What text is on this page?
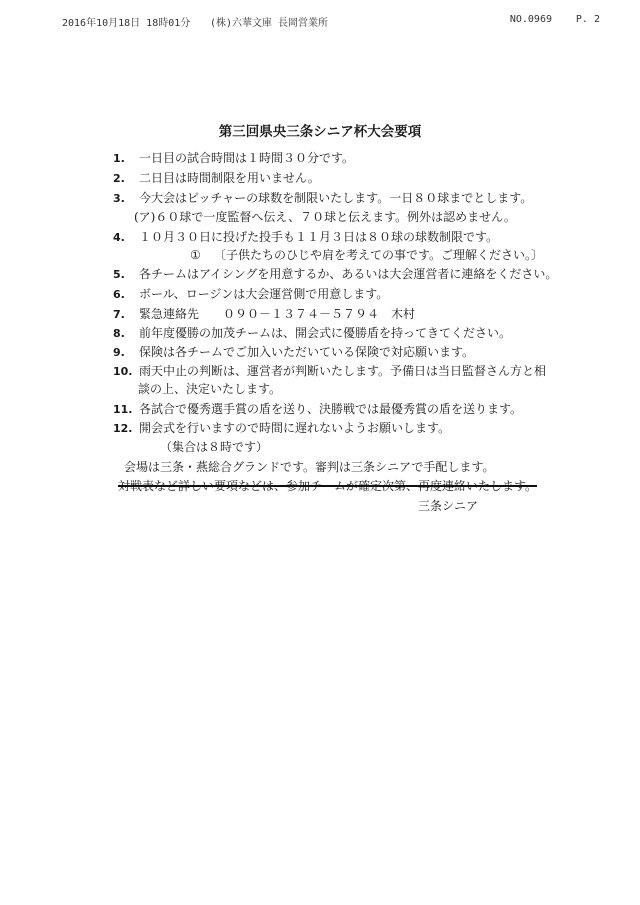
2016年10月18日 18時01分 (株)六華文庫 長岡営業所	NO.0969 P. 2
第三回県央三条シニア杯大会要項
1. 一日目の試合時間は１時間３０分です。
2. 二日目は時間制限を用いません。
3. 今大会はピッチャーの球数を制限いたします。一日８０球までとします。
(ア)６０球で一度監督へ伝え、７０球と伝えます。例外は認めません。
4. １０月３０日に投げた投手も１１月３日は８０球の球数制限です。
① 〔子供たちのひじや肩を考えての事です。ご理解ください。〕
5. 各チームはアイシングを用意するか、あるいは大会運営者に連絡をください。
6. ボール、ロージンは大会運営側で用意します。
7. 緊急連絡先　　０９０－１３７４－５７９４　木村
8. 前年度優勝の加茂チームは、開会式に優勝盾を持ってきてください。
9. 保険は各チームでご加入いただいている保険で対応願います。
10. 雨天中止の判断は、運営者が判断いたします。予備日は当日監督さん方と相
談の上、決定いたします。
11. 各試合で優秀選手賞の盾を送り、決勝戦では最優秀賞の盾を送ります。
12. 開会式を行いますので時間に遅れないようお願いします。
（集合は８時です）
会場は三条・燕総合グランドです。審判は三条シニアで手配します。
対戦表など詳しい要項などは、参加チームが確定次第、再度連絡いたします。
三条シニア
